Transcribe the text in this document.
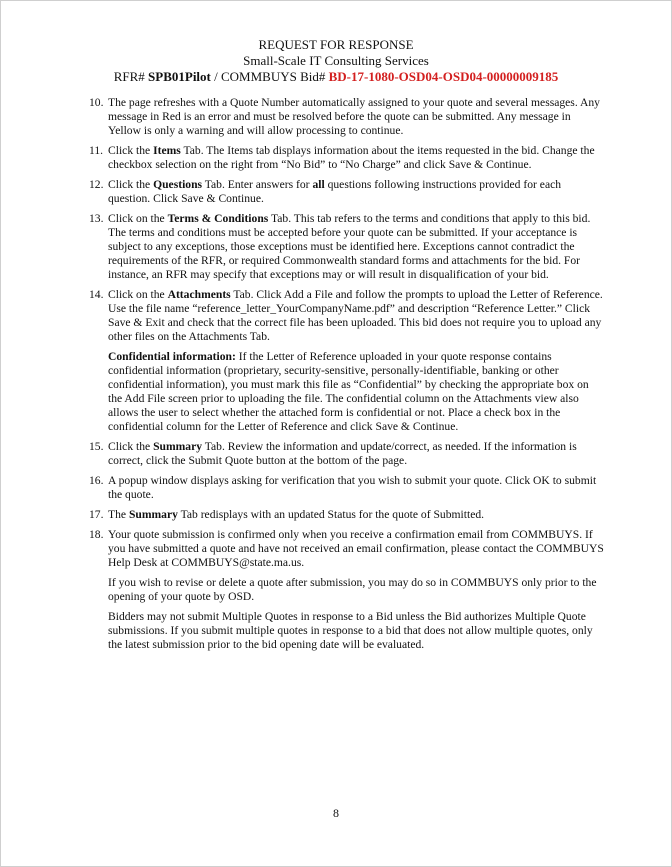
REQUEST FOR RESPONSE
Small-Scale IT Consulting Services
RFR# SPB01Pilot / COMMBUYS Bid# BD-17-1080-OSD04-OSD04-00000009185
10. The page refreshes with a Quote Number automatically assigned to your quote and several messages. Any message in Red is an error and must be resolved before the quote can be submitted. Any message in Yellow is only a warning and will allow processing to continue.

11. Click the Items Tab. The Items tab displays information about the items requested in the bid. Change the checkbox selection on the right from “No Bid” to “No Charge” and click Save & Continue.

12. Click the Questions Tab. Enter answers for all questions following instructions provided for each question. Click Save & Continue.

13. Click on the Terms & Conditions Tab. This tab refers to the terms and conditions that apply to this bid. The terms and conditions must be accepted before your quote can be submitted. If your acceptance is subject to any exceptions, those exceptions must be identified here. Exceptions cannot contradict the requirements of the RFR, or required Commonwealth standard forms and attachments for the bid. For instance, an RFR may specify that exceptions may or will result in disqualification of your bid.

14. Click on the Attachments Tab. Click Add a File and follow the prompts to upload the Letter of Reference. Use the file name “reference_letter_YourCompanyName.pdf” and description “Reference Letter.” Click Save & Exit and check that the correct file has been uploaded. This bid does not require you to upload any other files on the Attachments Tab.

Confidential information: If the Letter of Reference uploaded in your quote response contains confidential information (proprietary, security-sensitive, personally-identifiable, banking or other confidential information), you must mark this file as “Confidential” by checking the appropriate box on the Add File screen prior to uploading the file. The confidential column on the Attachments view also allows the user to select whether the attached form is confidential or not. Place a check box in the confidential column for the Letter of Reference and click Save & Continue.

15. Click the Summary Tab. Review the information and update/correct, as needed. If the information is correct, click the Submit Quote button at the bottom of the page.

16. A popup window displays asking for verification that you wish to submit your quote. Click OK to submit the quote.

17. The Summary Tab redisplays with an updated Status for the quote of Submitted.

18. Your quote submission is confirmed only when you receive a confirmation email from COMMBUYS. If you have submitted a quote and have not received an email confirmation, please contact the COMMBUYS Help Desk at COMMBUYS@state.ma.us.

If you wish to revise or delete a quote after submission, you may do so in COMMBUYS only prior to the opening of your quote by OSD.

Bidders may not submit Multiple Quotes in response to a Bid unless the Bid authorizes Multiple Quote submissions. If you submit multiple quotes in response to a bid that does not allow multiple quotes, only the latest submission prior to the bid opening date will be evaluated.

8
